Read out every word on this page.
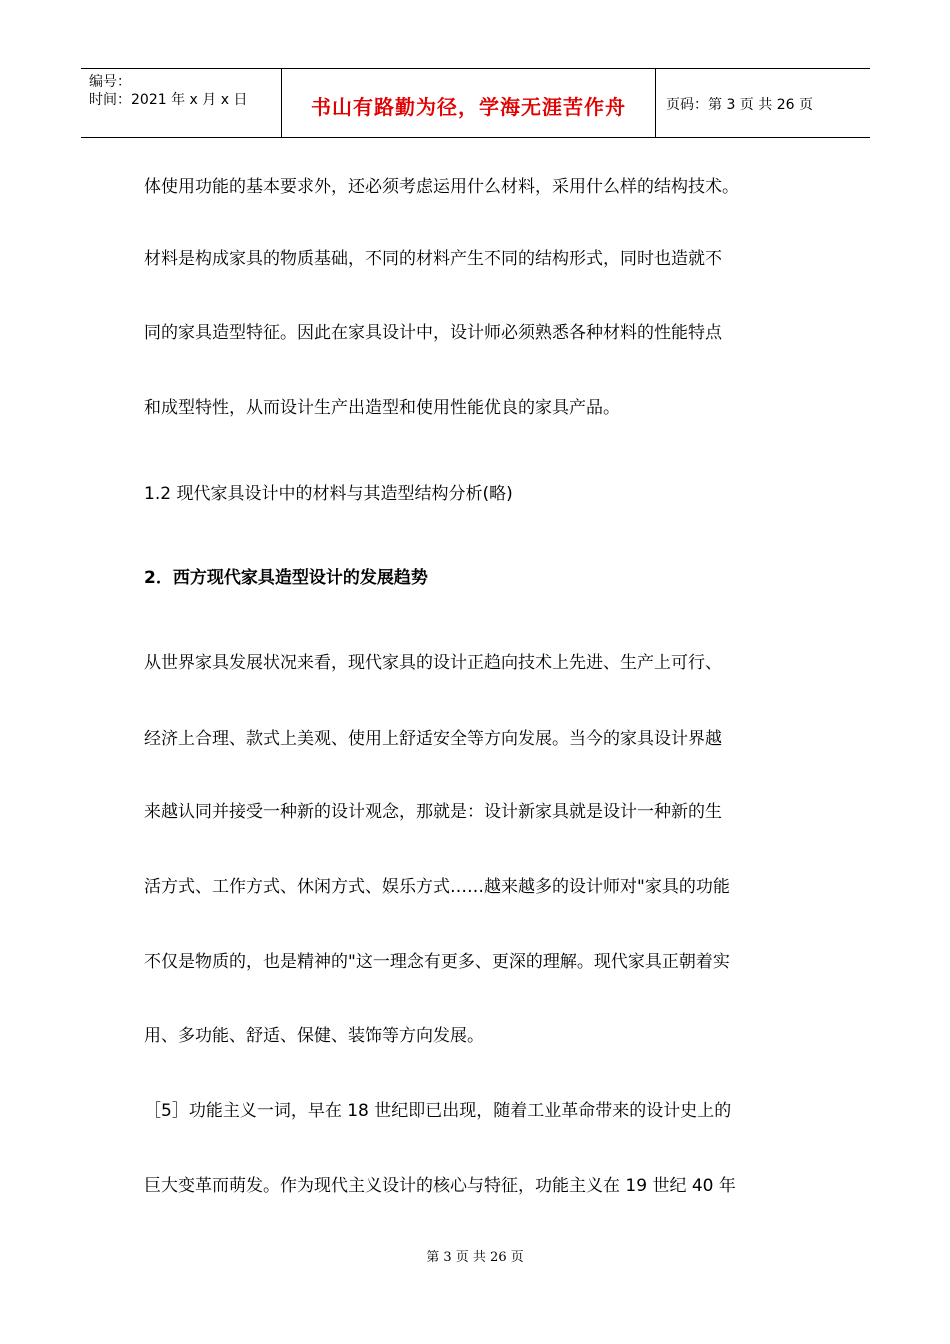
编号：
时间：2021 年 x 月 x 日	书山有路勤为径，学海无涯苦作舟	页码：第 3 页 共 26 页
体使用功能的基本要求外，还必须考虑运用什么材料，采用什么样的结构技术。
材料是构成家具的物质基础，不同的材料产生不同的结构形式，同时也造就不
同的家具造型特征。因此在家具设计中，设计师必须熟悉各种材料的性能特点
和成型特性，从而设计生产出造型和使用性能优良的家具产品。
1.2 现代家具设计中的材料与其造型结构分析(略)
2．西方现代家具造型设计的发展趋势
从世界家具发展状况来看，现代家具的设计正趋向技术上先进、生产上可行、
经济上合理、款式上美观、使用上舒适安全等方向发展。当今的家具设计界越
来越认同并接受一种新的设计观念，那就是：设计新家具就是设计一种新的生
活方式、工作方式、休闲方式、娱乐方式……越来越多的设计师对"家具的功能
不仅是物质的，也是精神的"这一理念有更多、更深的理解。现代家具正朝着实
用、多功能、舒适、保健、装饰等方向发展。
［5］功能主义一词，早在 18 世纪即已出现，随着工业革命带来的设计史上的
巨大变革而萌发。作为现代主义设计的核心与特征，功能主义在 19 世纪 40 年
第 3 页 共 26 页
